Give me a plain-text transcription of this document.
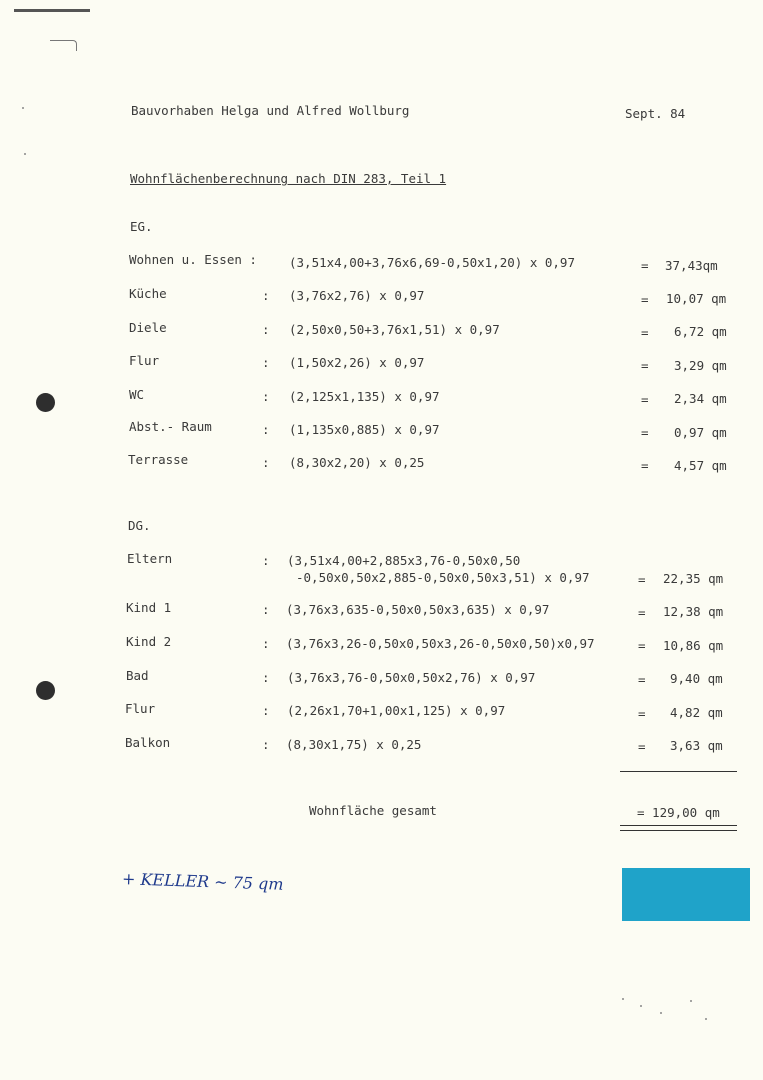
Bauvorhaben Helga und Alfred Wollburg	Sept. 84
Wohnflächenberechnung nach DIN 283, Teil 1
EG.
Wohnen u. Essen :	(3,51x4,00+3,76x6,69-0,50x1,20) x 0,97	= 37,43qm
Küche	: (3,76x2,76) x 0,97	= 10,07 qm
Diele	: (2,50x0,50+3,76x1,51) x 0,97	= 6,72 qm
Flur	: (1,50x2,26) x 0,97	= 3,29 qm
WC	: (2,125x1,135) x 0,97	= 2,34 qm
Abst.- Raum	: (1,135x0,885) x 0,97	= 0,97 qm
Terrasse	: (8,30x2,20) x 0,25	= 4,57 qm
DG.
Eltern	: (3,51x4,00+2,885x3,76-0,50x0,50
-0,50x0,50x2,885-0,50x0,50x3,51) x 0,97	= 22,35 qm
Kind 1	: (3,76x3,635-0,50x0,50x3,635) x 0,97	= 12,38 qm
Kind 2	: (3,76x3,26-0,50x0,50x3,26-0,50x0,50)x0,97	= 10,86 qm
Bad	: (3,76x3,76-0,50x0,50x2,76) x 0,97	= 9,40 qm
Flur	: (2,26x1,70+1,00x1,125) x 0,97	= 4,82 qm
Balkon	: (8,30x1,75) x 0,25	= 3,63 qm
Wohnfläche gesamt	= 129,00 qm
+ KELLER ~ 75 qm
